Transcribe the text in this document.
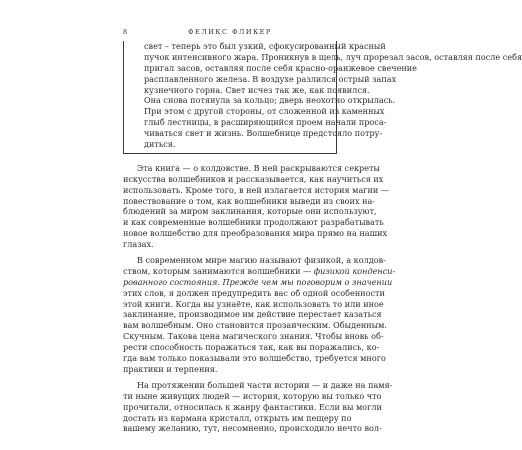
8	ФЕЛИКС ФЛИКЕР
свет – теперь это был узкий, сфокусированный красный
пучок интенсивного жара. Проникнув в щель, луч прорезал засов, оставляя после себя
пригал засов, оставляя после себя красно-оранжевое свечение
расплавленного железа. В воздухе разлился острый запах
кузнечного горна. Свет исчез так же, как появился.
Она снова потянула за кольцо; дверь неохотно открылась.
При этом с другой стороны, от сложенной из каменных
глыб лестницы, в расширяющийся проем начали проса-
чиваться свет и жизнь. Волшебнице предстояло потру-
диться.
Эта книга — о колдовстве. В ней раскрываются секреты
искусства волшебников и рассказывается, как научиться их
использовать. Кроме того, в ней излагается история магии —
повествование о том, как волшебники выведи из своих на-
блюдений за миром заклинания, которые они используют,
и как современные волшебники продолжают разрабатывать
новое волшебство для преобразования мира прямо на наших
глазах.
В современном мире магию называют физикой, а колдов-
ством, которым занимаются волшебники — физикой конденси-
рованного состояния. Прежде чем мы поговорим о значении
этих слов, я должен предупредить вас об одной особенности
этой книги. Когда вы узнаёте, как использовать то или иное
заклинание, производимое им действие перестает казаться
вам волшебным. Оно становится прозаическим. Обыденным.
Скучным. Такова цена магического знания. Чтобы вновь об-
рести способность поражаться так, как вы поражались, ко-
гда вам только показывали это волшебство, требуется много
практики и терпения.
На протяжении большей части истории — и даже на памя-
ти ныне живущих людей — история, которую вы только что
прочитали, относилась к жанру фантастики. Если вы могли
достать из кармана кристалл, открыть им пещеру по
вашему желанию, тут, несомненно, происходило нечто вол-
